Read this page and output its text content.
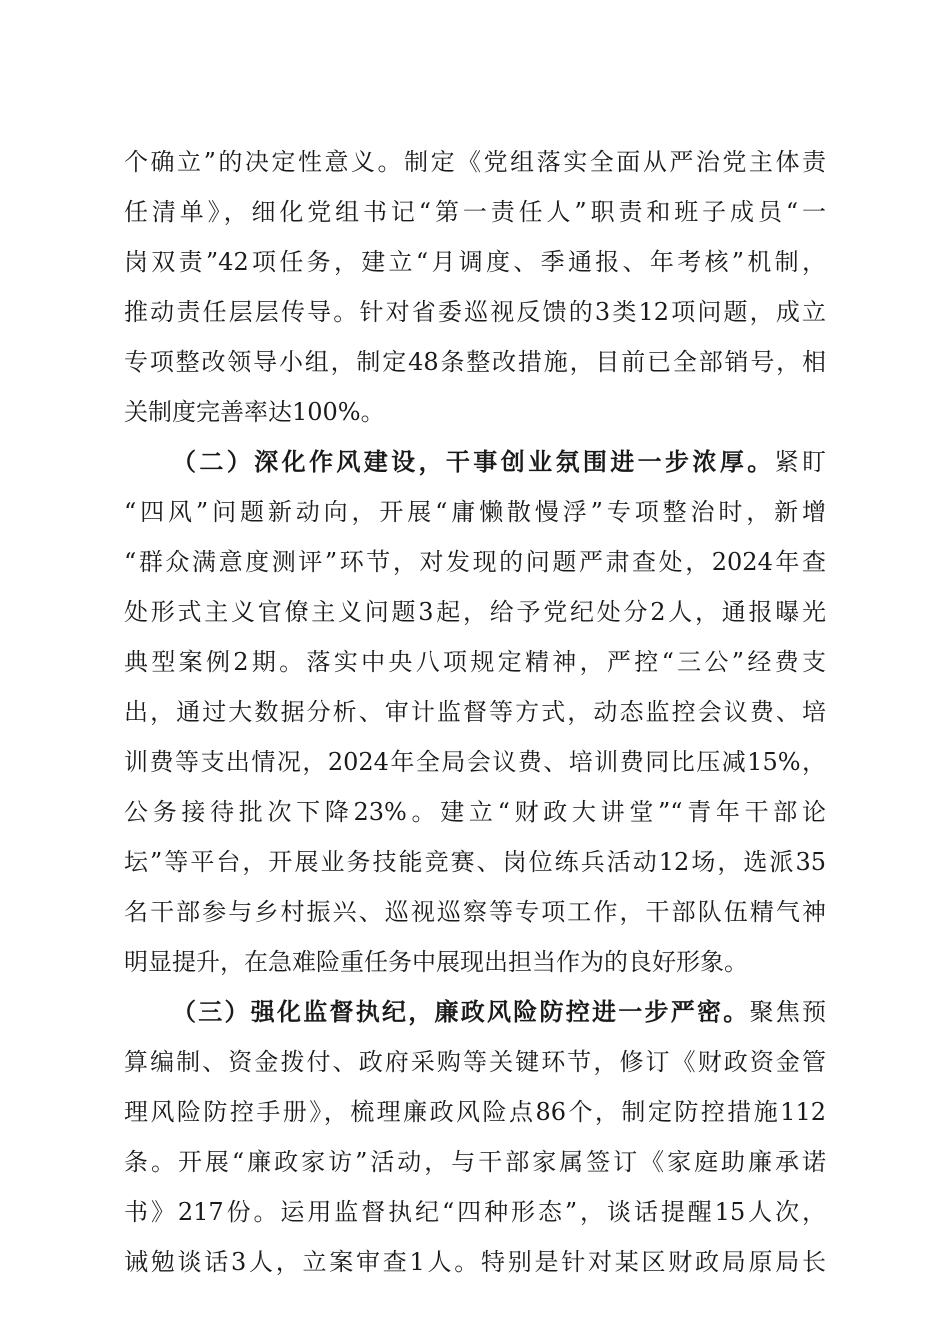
个确立”的决定性意义。制定《党组落实全面从严治党主体责
任清单》，细化党组书记“第一责任人”职责和班子成员“一
岗双责”42项任务，建立“月调度、季通报、年考核”机制，
推动责任层层传导。针对省委巡视反馈的3类12项问题，成立
专项整改领导小组，制定48条整改措施，目前已全部销号，相
关制度完善率达100%。
（二）深化作风建设，干事创业氛围进一步浓厚。紧盯
“四风”问题新动向，开展“庸懒散慢浮”专项整治时，新增
“群众满意度测评”环节，对发现的问题严肃查处，2024年查
处形式主义官僚主义问题3起，给予党纪处分2人，通报曝光
典型案例2期。落实中央八项规定精神，严控“三公”经费支
出，通过大数据分析、审计监督等方式，动态监控会议费、培
训费等支出情况，2024年全局会议费、培训费同比压减15%，
公务接待批次下降23%。建立“财政大讲堂”“青年干部论
坛”等平台，开展业务技能竞赛、岗位练兵活动12场，选派35
名干部参与乡村振兴、巡视巡察等专项工作，干部队伍精气神
明显提升，在急难险重任务中展现出担当作为的良好形象。
（三）强化监督执纪，廉政风险防控进一步严密。聚焦预
算编制、资金拨付、政府采购等关键环节，修订《财政资金管
理风险防控手册》，梳理廉政风险点86个，制定防控措施112
条。开展“廉政家访”活动，与干部家属签订《家庭助廉承诺
书》217份。运用监督执纪“四种形态”，谈话提醒15人次，
诫勉谈话3人，立案审查1人。特别是针对某区财政局原局长
